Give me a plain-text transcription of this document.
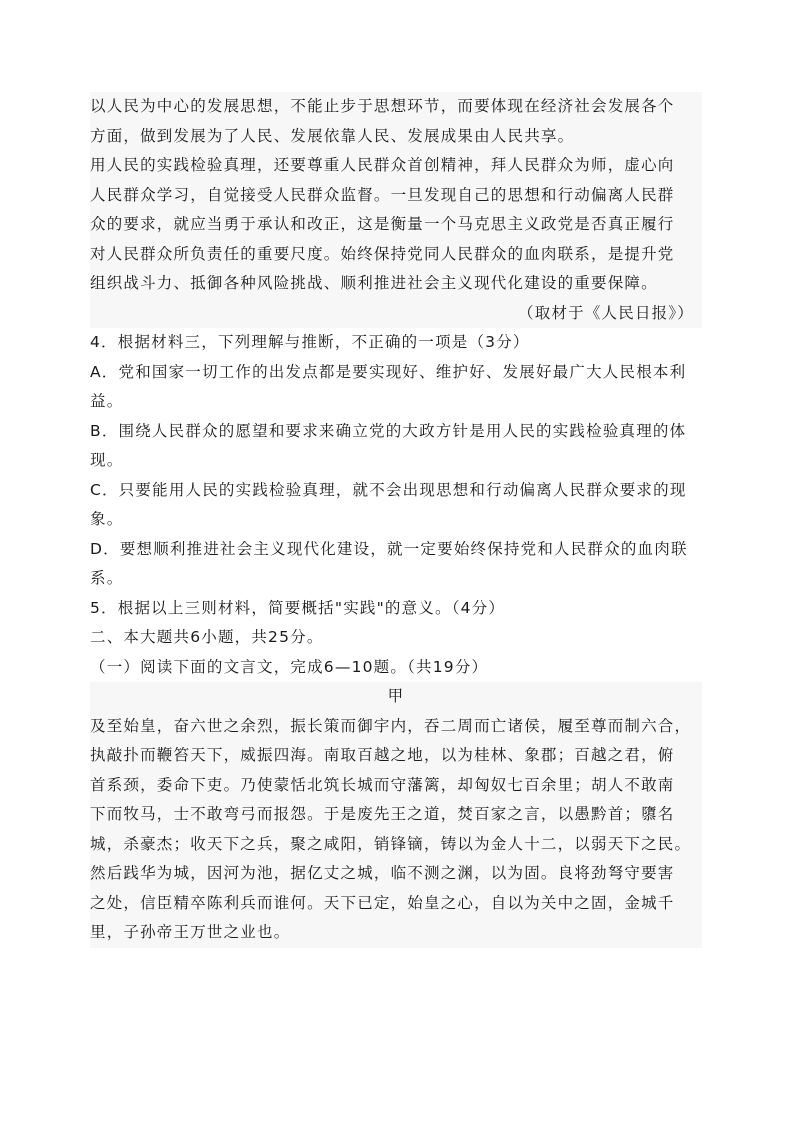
以人民为中心的发展思想，不能止步于思想环节，而要体现在经济社会发展各个
方面，做到发展为了人民、发展依靠人民、发展成果由人民共享。
用人民的实践检验真理，还要尊重人民群众首创精神，拜人民群众为师，虚心向
人民群众学习，自觉接受人民群众监督。一旦发现自己的思想和行动偏离人民群
众的要求，就应当勇于承认和改正，这是衡量一个马克思主义政党是否真正履行
对人民群众所负责任的重要尺度。始终保持党同人民群众的血肉联系，是提升党
组织战斗力、抵御各种风险挑战、顺利推进社会主义现代化建设的重要保障。
（取材于《人民日报》）
4．根据材料三，下列理解与推断，不正确的一项是（3分）
A．党和国家一切工作的出发点都是要实现好、维护好、发展好最广大人民根本利
益。
B．围绕人民群众的愿望和要求来确立党的大政方针是用人民的实践检验真理的体
现。
C．只要能用人民的实践检验真理，就不会出现思想和行动偏离人民群众要求的现
象。
D．要想顺利推进社会主义现代化建设，就一定要始终保持党和人民群众的血肉联
系。
5．根据以上三则材料，简要概括"实践"的意义。（4分）
二、本大题共6小题，共25分。
（一）阅读下面的文言文，完成6—10题。（共19分）
甲
及至始皇，奋六世之余烈，振长策而御宇内，吞二周而亡诸侯，履至尊而制六合，
执敲扑而鞭笞天下，威振四海。南取百越之地，以为桂林、象郡；百越之君，俯
首系颈，委命下吏。乃使蒙恬北筑长城而守藩篱，却匈奴七百余里；胡人不敢南
下而牧马，士不敢弯弓而报怨。于是废先王之道，焚百家之言，以愚黔首；隳名
城，杀豪杰；收天下之兵，聚之咸阳，销锋镝，铸以为金人十二，以弱天下之民。
然后践华为城，因河为池，据亿丈之城，临不测之渊，以为固。良将劲弩守要害
之处，信臣精卒陈利兵而谁何。天下已定，始皇之心，自以为关中之固，金城千
里，子孙帝王万世之业也。
